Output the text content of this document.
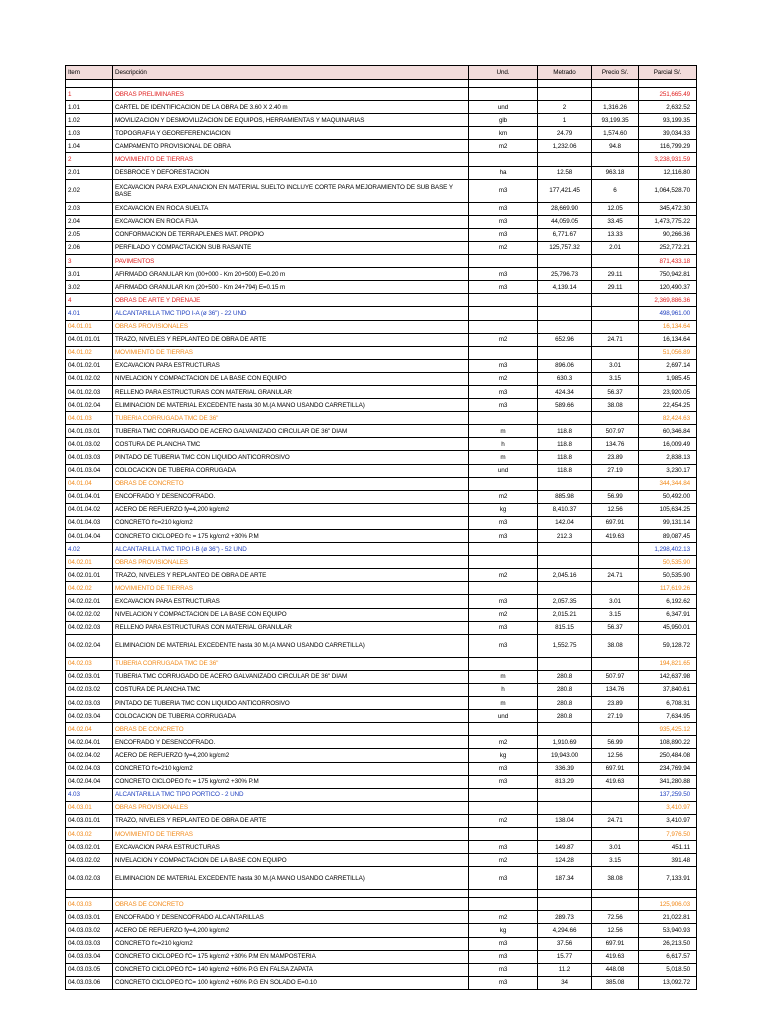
Item	Descripción	Und.	Metrado	Precio S/.	Parcial S/.

1	OBRAS PRELIMINARES				251,665.49
1.01	CARTEL DE IDENTIFICACION DE LA OBRA DE 3.60 X 2.40 m	und	2	1,316.26	2,632.52
1.02	MOVILIZACION Y DESMOVILIZACION DE EQUIPOS, HERRAMIENTAS Y MAQUINARIAS	glb	1	93,199.35	93,199.35
1.03	TOPOGRAFIA Y GEOREFERENCIACION	km	24.79	1,574.60	39,034.33
1.04	CAMPAMENTO PROVISIONAL DE OBRA	m2	1,232.06	94.8	116,799.29
2	MOVIMIENTO DE TIERRAS				3,238,931.59
2.01	DESBROCE Y DEFORESTACION	ha	12.58	963.18	12,116.80
2.02	EXCAVACION PARA EXPLANACION EN MATERIAL SUELTO INCLUYE CORTE PARA MEJORAMIENTO DE SUB BASE Y BASE	m3	177,421.45	6	1,064,528.70
2.03	EXCAVACION EN ROCA SUELTA	m3	28,669.90	12.05	345,472.30
2.04	EXCAVACION EN ROCA FIJA	m3	44,059.05	33.45	1,473,775.22
2.05	CONFORMACION DE TERRAPLENES MAT. PROPIO	m3	6,771.67	13.33	90,266.36
2.06	PERFILADO Y COMPACTACION SUB RASANTE	m2	125,757.32	2.01	252,772.21
3	PAVIMENTOS				871,433.18
3.01	AFIRMADO GRANULAR Km (00+000 - Km 20+500) E=0.20 m	m3	25,796.73	29.11	750,942.81
3.02	AFIRMADO GRANULAR Km (20+500 - Km 24+794) E=0.15 m	m3	4,139.14	29.11	120,490.37
4	OBRAS DE ARTE Y DRENAJE				2,369,886.36
4.01	ALCANTARILLA TMC TIPO I-A (ø 36") - 22 UND				498,961.00
04.01.01	OBRAS PROVISIONALES				16,134.64
04.01.01.01	TRAZO, NIVELES Y REPLANTEO DE OBRA DE ARTE	m2	652.96	24.71	16,134.64
04.01.02	MOVIMIENTO DE TIERRAS				51,056.89
04.01.02.01	EXCAVACION PARA ESTRUCTURAS	m3	896.06	3.01	2,697.14
04.01.02.02	NIVELACION Y COMPACTACION DE LA BASE CON EQUIPO	m2	630.3	3.15	1,985.45
04.01.02.03	RELLENO PARA ESTRUCTURAS CON MATERIAL GRANULAR	m3	424.34	56.37	23,920.05
04.01.02.04	ELIMINACION DE MATERIAL EXCEDENTE hasta 30 M.(A MANO USANDO CARRETILLA)	m3	589.66	38.08	22,454.25
04.01.03	TUBERIA CORRUGADA TMC DE 36"				82,424.63
04.01.03.01	TUBERIA TMC CORRUGADO DE ACERO GALVANIZADO CIRCULAR DE 36" DIAM	m	118.8	507.97	60,346.84
04.01.03.02	COSTURA DE PLANCHA TMC	h	118.8	134.76	16,009.49
04.01.03.03	PINTADO DE TUBERIA TMC CON LIQUIDO ANTICORROSIVO	m	118.8	23.89	2,838.13
04.01.03.04	COLOCACION DE TUBERIA CORRUGADA	und	118.8	27.19	3,230.17
04.01.04	OBRAS DE CONCRETO				344,344.84
04.01.04.01	ENCOFRADO Y DESENCOFRADO.	m2	885.98	56.99	50,492.00
04.01.04.02	ACERO DE REFUERZO fy=4,200 kg/cm2	kg	8,410.37	12.56	105,634.25
04.01.04.03	CONCRETO f'c=210 kg/cm2	m3	142.04	697.91	99,131.14
04.01.04.04	CONCRETO CICLOPEO f'c = 175 kg/cm2 +30% P.M	m3	212.3	419.63	89,087.45
4.02	ALCANTARILLA TMC TIPO I-B (ø 36") - 52 UND				1,298,402.13
04.02.01	OBRAS PROVISIONALES				50,535.90
04.02.01.01	TRAZO, NIVELES Y REPLANTEO DE OBRA DE ARTE	m2	2,045.16	24.71	50,535.90
04.02.02	MOVIMIENTO DE TIERRAS				117,619.26
04.02.02.01	EXCAVACION PARA ESTRUCTURAS	m3	2,057.35	3.01	6,192.62
04.02.02.02	NIVELACION Y COMPACTACION DE LA BASE CON EQUIPO	m2	2,015.21	3.15	6,347.91
04.02.02.03	RELLENO PARA ESTRUCTURAS CON MATERIAL GRANULAR	m3	815.15	56.37	45,950.01
04.02.02.04	ELIMINACION DE MATERIAL EXCEDENTE hasta 30 M.(A MANO USANDO CARRETILLA)	m3	1,552.75	38.08	59,128.72
04.02.03	TUBERIA CORRUGADA TMC DE 36"				194,821.65
04.02.03.01	TUBERIA TMC CORRUGADO DE ACERO GALVANIZADO CIRCULAR DE 36" DIAM	m	280.8	507.97	142,637.98
04.02.03.02	COSTURA DE PLANCHA TMC	h	280.8	134.76	37,840.61
04.02.03.03	PINTADO DE TUBERIA TMC CON LIQUIDO ANTICORROSIVO	m	280.8	23.89	6,708.31
04.02.03.04	COLOCACION DE TUBERIA CORRUGADA	und	280.8	27.19	7,634.95
04.02.04	OBRAS DE CONCRETO				935,425.12
04.02.04.01	ENCOFRADO Y DESENCOFRADO.	m2	1,910.69	56.99	108,890.22
04.02.04.02	ACERO DE REFUERZO fy=4,200 kg/cm2	kg	19,943.00	12.56	250,484.08
04.02.04.03	CONCRETO f'c=210 kg/cm2	m3	336.39	697.91	234,769.94
04.02.04.04	CONCRETO CICLOPEO f'c = 175 kg/cm2 +30% P.M	m3	813.29	419.63	341,280.88
4.03	ALCANTARILLA TMC TIPO PORTICO - 2 UND				137,259.50
04.03.01	OBRAS PROVISIONALES				3,410.97
04.03.01.01	TRAZO, NIVELES Y REPLANTEO DE OBRA DE ARTE	m2	138.04	24.71	3,410.97
04.03.02	MOVIMIENTO DE TIERRAS				7,976.50
04.03.02.01	EXCAVACION PARA ESTRUCTURAS	m3	149.87	3.01	451.11
04.03.02.02	NIVELACION Y COMPACTACION DE LA BASE CON EQUIPO	m2	124.28	3.15	391.48
04.03.02.03	ELIMINACION DE MATERIAL EXCEDENTE hasta 30 M.(A MANO USANDO CARRETILLA)	m3	187.34	38.08	7,133.91

04.03.03	OBRAS DE CONCRETO				125,906.03
04.03.03.01	ENCOFRADO Y DESENCOFRADO ALCANTARILLAS	m2	289.73	72.56	21,022.81
04.03.03.02	ACERO DE REFUERZO fy=4,200 kg/cm2	kg	4,294.66	12.56	53,940.93
04.03.03.03	CONCRETO f'c=210 kg/cm2	m3	37.56	697.91	26,213.50
04.03.03.04	CONCRETO CICLOPEO f'C= 175 kg/cm2 +30% P.M EN MAMPOSTERIA	m3	15.77	419.63	6,617.57
04.03.03.05	CONCRETO CICLOPEO f'C= 140 kg/cm2 +60% P.G EN FALSA ZAPATA	m3	11.2	448.08	5,018.50
04.03.03.06	CONCRETO CICLOPEO f'C= 100 kg/cm2 +60% P.G EN SOLADO E=0.10	m3	34	385.08	13,092.72
